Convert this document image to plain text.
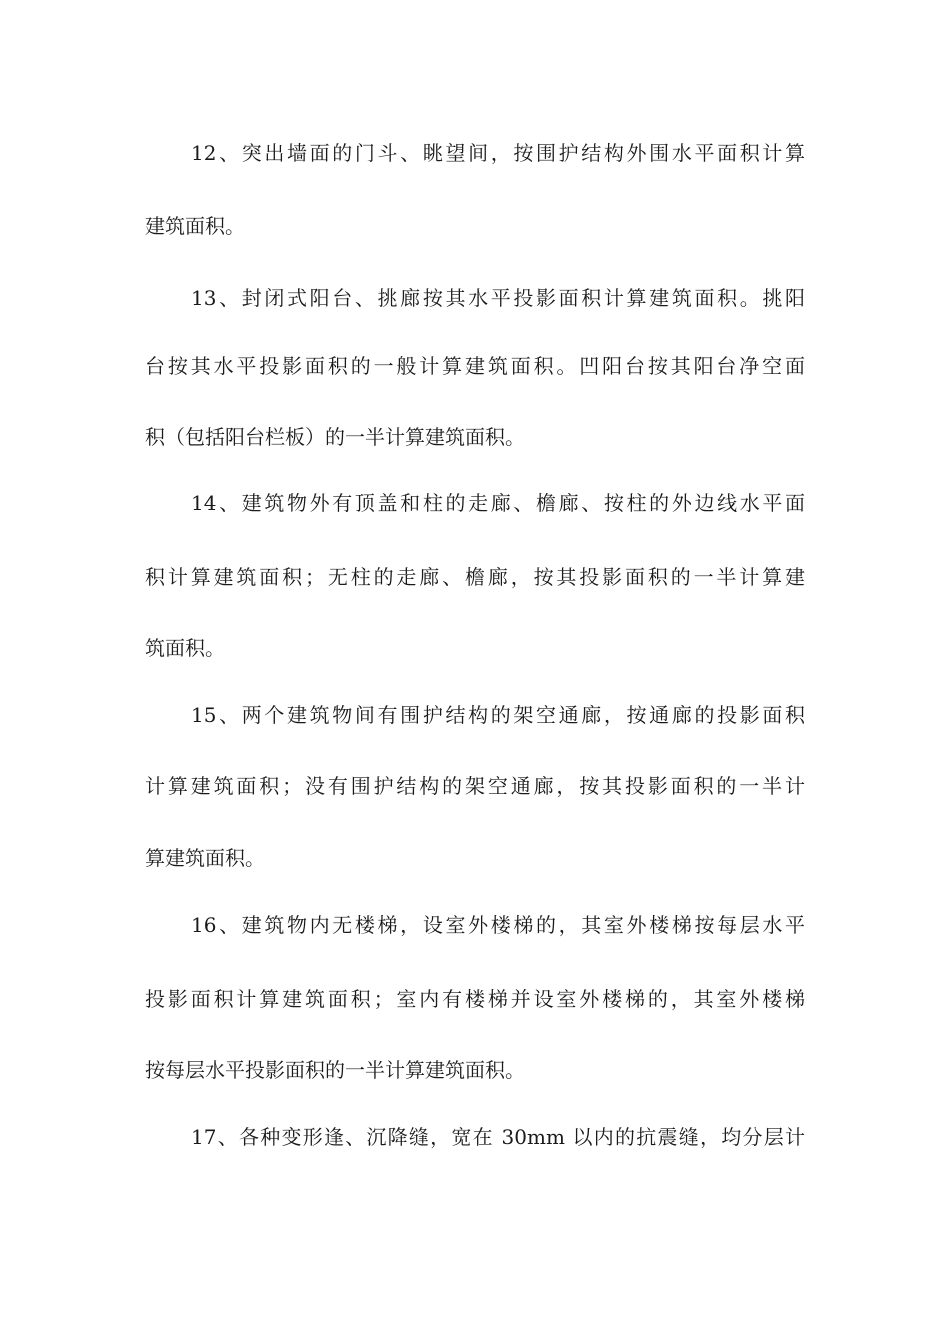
12、突出墙面的门斗、眺望间，按围护结构外围水平面积计算
建筑面积。
13、封闭式阳台、挑廊按其水平投影面积计算建筑面积。挑阳
台按其水平投影面积的一般计算建筑面积。凹阳台按其阳台净空面
积（包括阳台栏板）的一半计算建筑面积。
14、建筑物外有顶盖和柱的走廊、檐廊、按柱的外边线水平面
积计算建筑面积；无柱的走廊、檐廊，按其投影面积的一半计算建
筑面积。
15、两个建筑物间有围护结构的架空通廊，按通廊的投影面积
计算建筑面积；没有围护结构的架空通廊，按其投影面积的一半计
算建筑面积。
16、建筑物内无楼梯，设室外楼梯的，其室外楼梯按每层水平
投影面积计算建筑面积；室内有楼梯并设室外楼梯的，其室外楼梯
按每层水平投影面积的一半计算建筑面积。
17、各种变形逢、沉降缝，宽在 30mm 以内的抗震缝，均分层计
